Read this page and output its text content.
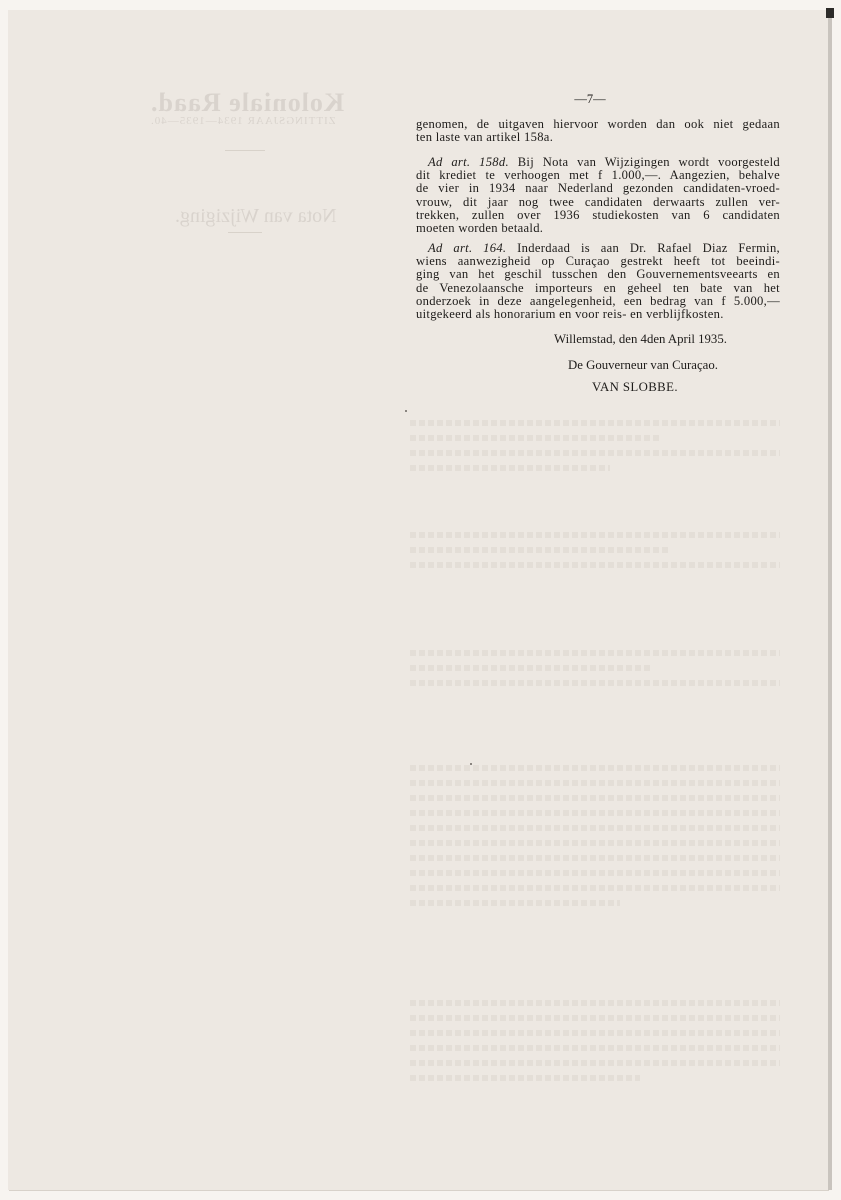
Koloniale Raad.
ZITTINGSJAAR 1934—1935—40.
Nota van Wijziging.
—7—
genomen, de uitgaven hiervoor worden dan ook niet gedaan
ten laste van artikel 158a.
Ad art. 158d. Bij Nota van Wijzigingen wordt voorgesteld
dit krediet te verhoogen met f 1.000,—. Aangezien, behalve
de vier in 1934 naar Nederland gezonden candidaten-vroed-
vrouw, dit jaar nog twee candidaten derwaarts zullen ver-
trekken, zullen over 1936 studiekosten van 6 candidaten
moeten worden betaald.
Ad art. 164. Inderdaad is aan Dr. Rafael Diaz Fermin,
wiens aanwezigheid op Curaçao gestrekt heeft tot beeindi-
ging van het geschil tusschen den Gouvernementsveearts en
de Venezolaansche importeurs en geheel ten bate van het
onderzoek in deze aangelegenheid, een bedrag van f 5.000,—
uitgekeerd als honorarium en voor reis- en verblijfkosten.
Willemstad, den 4den April 1935.
De Gouverneur van Curaçao.
VAN SLOBBE.
